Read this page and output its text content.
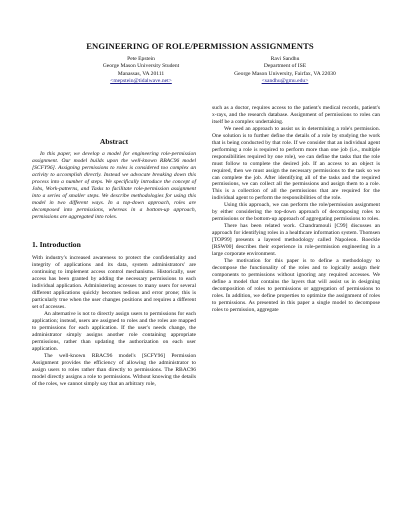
ENGINEERING OF ROLE/PERMISSION ASSIGNMENTS
Pete Epstein
George Mason University Student
Manassas, VA 20111
<mepstein@tidalwave.net>
Ravi Sandhu
Department of ISE
George Mason University, Fairfax, VA 22030
<sandhu@gmu.edu>
Abstract

In this paper, we develop a model for engineering role-permission assignment. Our model builds upon the well-known RBAC96 model [SCFY96]. Assigning permissions to roles is considered too complex an activity to accomplish directly. Instead we advocate breaking down this process into a number of steps. We specifically introduce the concept of Jobs, Work-patterns, and Tasks to facilitate role-permission assignment into a series of smaller steps. We describe methodologies for using this model in two different ways. In a top-down approach, roles are decomposed into permissions, whereas in a bottom-up approach, permissions are aggregated into roles.

1. Introduction

With industry's increased awareness to protect the confidentiality and integrity of applications and its data, system administrators' are continuing to implement access control mechanisms. Historically, user access has been granted by adding the necessary permissions to each individual application. Administering accesses to many users for several different applications quickly becomes tedious and error prone; this is particularly true when the user changes positions and requires a different set of accesses.

An alternative is not to directly assign users to permissions for each application; instead, users are assigned to roles and the roles are mapped to permissions for each application. If the user's needs change, the administrator simply assigns another role containing appropriate permissions, rather than updating the authorization on each user application.

The well-known RBAC96 model's [SCFY96] Permission Assignment provides the efficiency of allowing the administrator to assign users to roles rather than directly to permissions. The RBAC96 model directly assigns a role to permissions. Without knowing the details of the roles, we cannot simply say that an arbitrary role,

such as a doctor, requires access to the patient's medical records, patient's x-rays, and the research database. Assignment of permissions to roles can itself be a complex undertaking.

We need an approach to assist us in determining a role's permission. One solution is to further define the details of a role by studying the work that is being conducted by that role. If we consider that an individual agent performing a role is required to perform more than one job (i.e., multiple responsibilities required by one role), we can define the tasks that the role must follow to complete the desired job. If an access to an object is required, then we must assign the necessary permissions to the task so we can complete the job. After identifying all of the tasks and the required permissions, we can collect all the permissions and assign them to a role. This is a collection of all the permissions that are required for the individual agent to perform the responsibilities of the role.

Using this approach, we can perform the role/permission assignment by either considering the top-down approach of decomposing roles to permissions or the bottom-up approach of aggregating permissions to roles.

There has been related work. Chandramouli [C99] discusses an approach for identifying roles in a healthcare information system. Thomsen [TOP99] presents a layered methodology called Napoleon. Roeckle [RSW00] describes their experience in role-permission engineering in a large corporate environment.

The motivation for this paper is to define a methodology to decompose the functionality of the roles and to logically assign their components to permissions without ignoring any required accesses. We define a model that contains the layers that will assist us in designing decomposition of roles to permissions or aggregation of permissions to roles. In addition, we define properties to optimize the assignment of roles to permissions. As presented in this paper a single model to decompose roles to permission, aggregate
